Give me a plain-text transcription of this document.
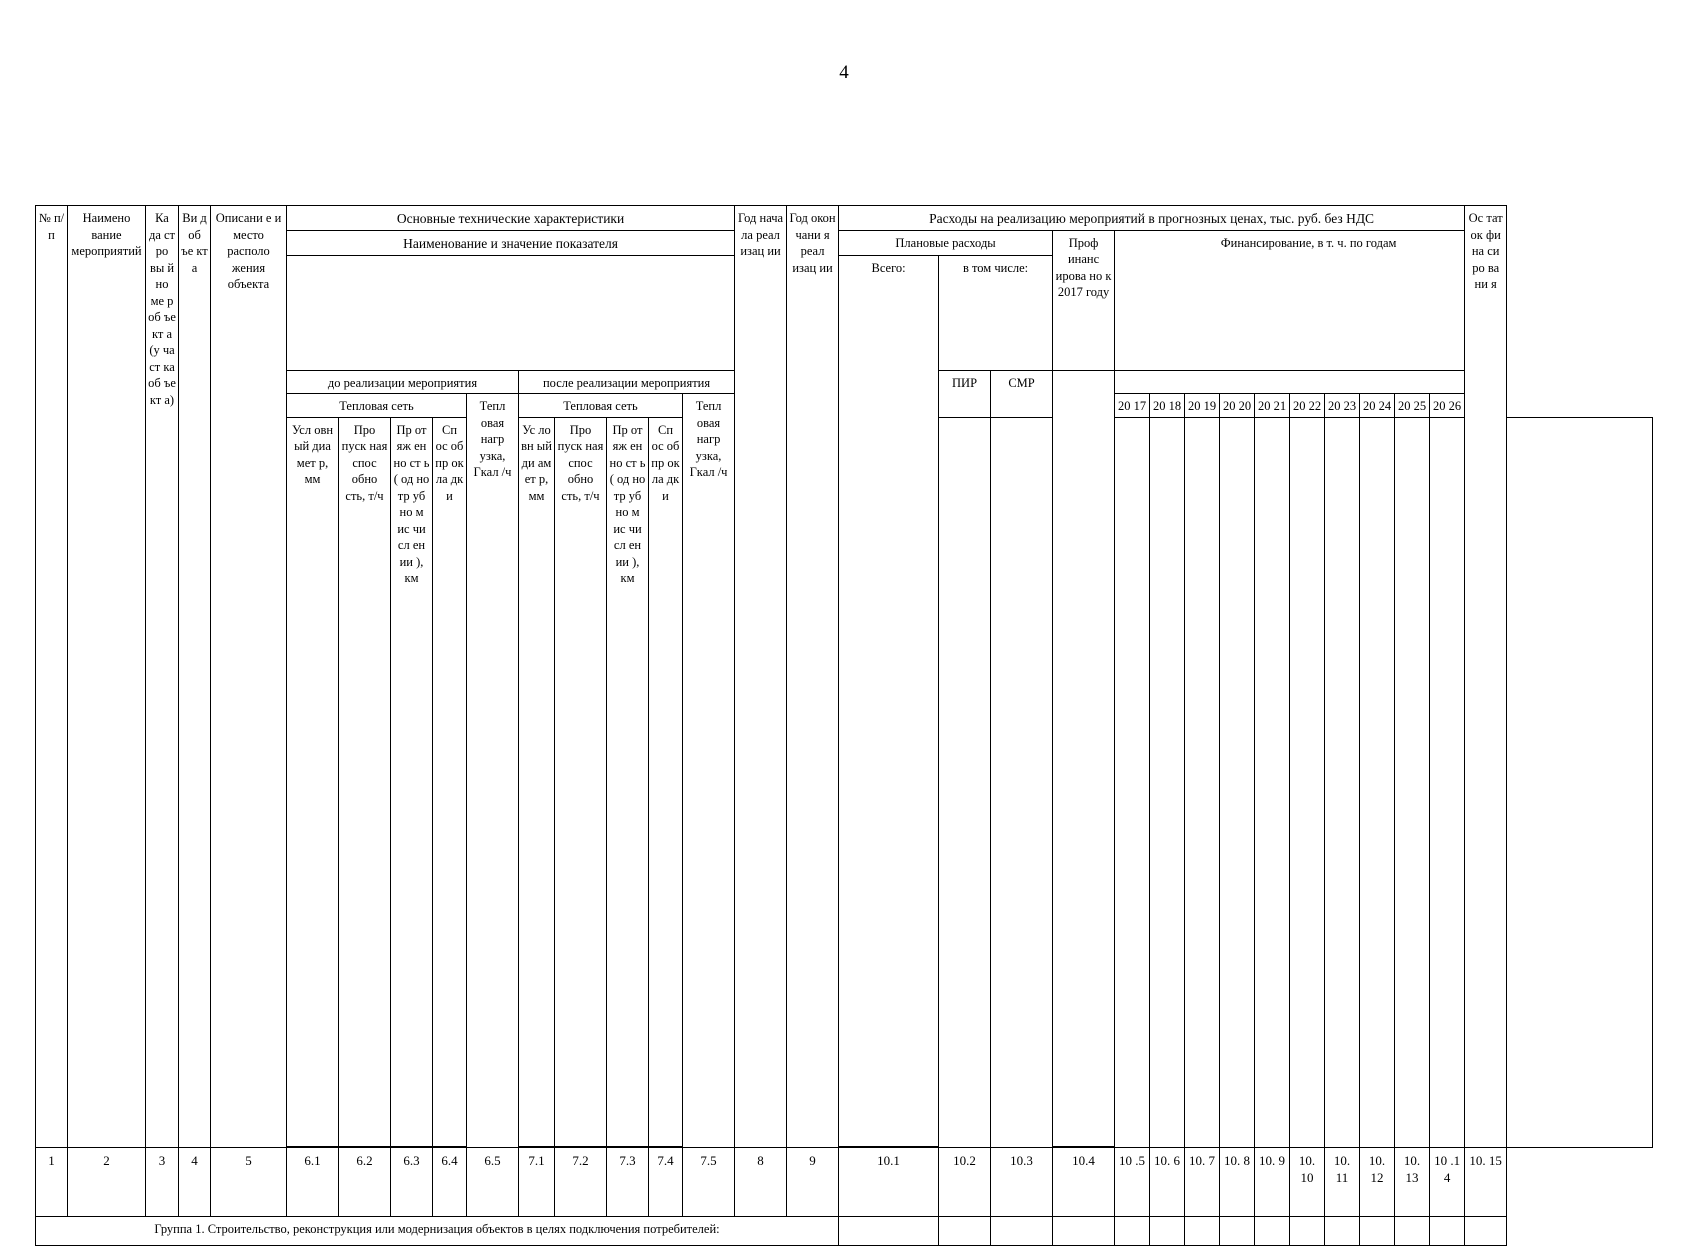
4
№ п/п	Наимено вание мероприятий	Ка да ст ро вы й но ме р об ъе кт а (у ча ст ка об ъе кт а)	Ви д об ъе кт а	Описани е и место располо жения объекта	Основные технические характеристики										Год нача ла реал изац ии	Год окон чани я реал изац ии	Расходы на реализацию мероприятий в прогнозных ценах, тыс. руб. без НДС														Ос тат ок фи на си ро ва ни я	
					Наименование и значение показателя												Плановые расходы			Проф инанс ирова но к 2017 году	Финансирование, в т. ч. по годам											
																	Всего:	в том числе:														
					до реализации мероприятия					после реализации мероприятия								ПИР	СМР													
					Тепловая сеть				Тепл овая нагр узка, Гкал /ч	Тепловая сеть				Тепл овая нагр узка, Гкал /ч							20 17	20 18	20 19	20 20	20 21	20 22	20 23	20 24	20 25	20 26		
					Усл овн ый диа мет р, мм	Про пуск ная спос обно сть, т/ч	Пр от яж ен но ст ь ( од но тр уб но м ис чи сл ен ии ), км	Сп ос об пр ок ла дк и		Ус ло вн ый ди ам ет р, мм	Про пуск ная спос обно сть, т/ч	Пр от яж ен но ст ь ( од но тр уб но м ис чи сл ен ии ), км	Сп ос об пр ок ла дк и																			

1	2	3	4	5	6.1	6.2	6.3	6.4	6.5	7.1	7.2	7.3	7.4	7.5	8	9	10.1	10.2	10.3	10.4	10 .5	10. 6	10. 7	10. 8	10. 9	10. 10	10. 11	10. 12	10. 13	10 .1 4	10. 15	
Группа 1. Строительство, реконструкция или модернизация объектов в целях подключения потребителей:																																
